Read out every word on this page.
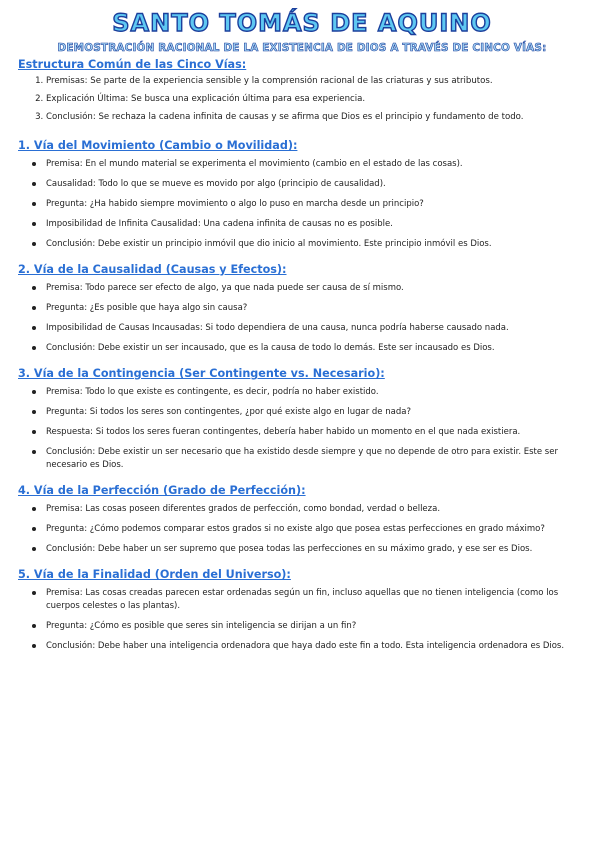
SANTO TOMÁS DE AQUINO
DEMOSTRACIÓN RACIONAL DE LA EXISTENCIA DE DIOS A TRAVÉS DE CINCO VÍAS:
Estructura Común de las Cinco Vías:
1. Premisas: Se parte de la experiencia sensible y la comprensión racional de las criaturas y sus atributos.
2. Explicación Última: Se busca una explicación última para esa experiencia.
3. Conclusión: Se rechaza la cadena infinita de causas y se afirma que Dios es el principio y fundamento de todo.
1. Vía del Movimiento (Cambio o Movilidad):
Premisa: En el mundo material se experimenta el movimiento (cambio en el estado de las cosas).
Causalidad: Todo lo que se mueve es movido por algo (principio de causalidad).
Pregunta: ¿Ha habido siempre movimiento o algo lo puso en marcha desde un principio?
Imposibilidad de Infinita Causalidad: Una cadena infinita de causas no es posible.
Conclusión: Debe existir un principio inmóvil que dio inicio al movimiento. Este principio inmóvil es Dios.
2. Vía de la Causalidad (Causas y Efectos):
Premisa: Todo parece ser efecto de algo, ya que nada puede ser causa de sí mismo.
Pregunta: ¿Es posible que haya algo sin causa?
Imposibilidad de Causas Incausadas: Si todo dependiera de una causa, nunca podría haberse causado nada.
Conclusión: Debe existir un ser incausado, que es la causa de todo lo demás. Este ser incausado es Dios.
3. Vía de la Contingencia (Ser Contingente vs. Necesario):
Premisa: Todo lo que existe es contingente, es decir, podría no haber existido.
Pregunta: Si todos los seres son contingentes, ¿por qué existe algo en lugar de nada?
Respuesta: Si todos los seres fueran contingentes, debería haber habido un momento en el que nada existiera.
Conclusión: Debe existir un ser necesario que ha existido desde siempre y que no depende de otro para existir. Este ser necesario es Dios.
4. Vía de la Perfección (Grado de Perfección):
Premisa: Las cosas poseen diferentes grados de perfección, como bondad, verdad o belleza.
Pregunta: ¿Cómo podemos comparar estos grados si no existe algo que posea estas perfecciones en grado máximo?
Conclusión: Debe haber un ser supremo que posea todas las perfecciones en su máximo grado, y ese ser es Dios.
5. Vía de la Finalidad (Orden del Universo):
Premisa: Las cosas creadas parecen estar ordenadas según un fin, incluso aquellas que no tienen inteligencia (como los cuerpos celestes o las plantas).
Pregunta: ¿Cómo es posible que seres sin inteligencia se dirijan a un fin?
Conclusión: Debe haber una inteligencia ordenadora que haya dado este fin a todo. Esta inteligencia ordenadora es Dios.
